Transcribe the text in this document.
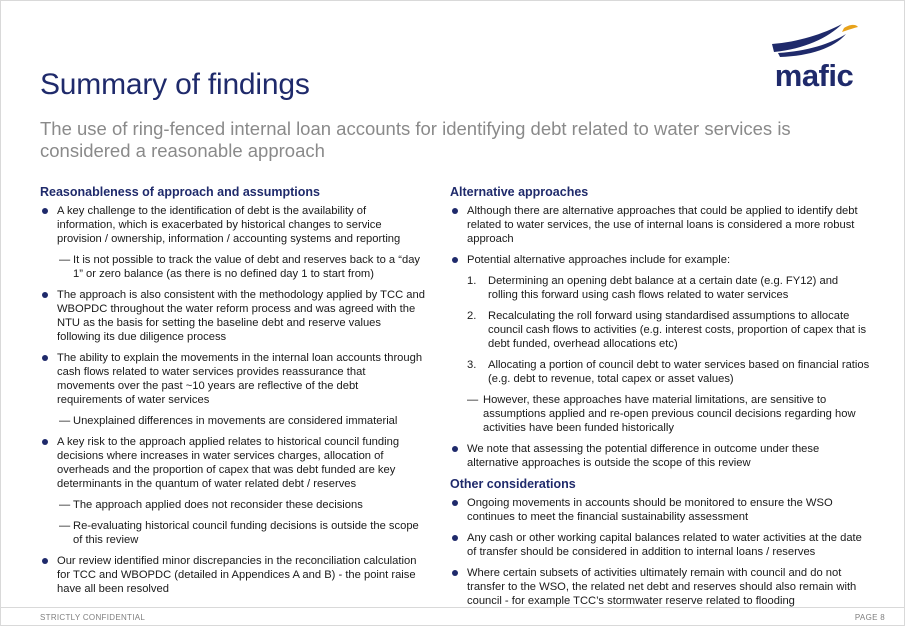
Summary of findings
The use of ring-fenced internal loan accounts for identifying debt related to water services is considered a reasonable approach
mafic
Reasonableness of approach and assumptions
A key challenge to the identification of debt is the availability of information, which is exacerbated by historical changes to service provision / ownership, information / accounting systems and reporting
— It is not possible to track the value of debt and reserves back to a “day 1” or zero balance (as there is no defined day 1 to start from)
The approach is also consistent with the methodology applied by TCC and WBOPDC throughout the water reform process and was agreed with the NTU as the basis for setting the baseline debt and reserve values following its due diligence process
The ability to explain the movements in the internal loan accounts through cash flows related to water services provides reassurance that movements over the past ~10 years are reflective of the debt requirements of water services
— Unexplained differences in movements are considered immaterial
A key risk to the approach applied relates to historical council funding decisions where increases in water services charges, allocation of overheads and the proportion of capex that was debt funded are key determinants in the quantum of water related debt / reserves
— The approach applied does not reconsider these decisions
— Re-evaluating historical council funding decisions is outside the scope of this review
Our review identified minor discrepancies in the reconciliation calculation for TCC and WBOPDC (detailed in Appendices A and B) - the point raise have all been resolved
Alternative approaches
Although there are alternative approaches that could be applied to identify debt related to water services, the use of internal loans is considered a more robust approach
Potential alternative approaches include for example:
1. Determining an opening debt balance at a certain date (e.g. FY12) and rolling this forward using cash flows related to water services
2. Recalculating the roll forward using standardised assumptions to allocate council cash flows to activities (e.g. interest costs, proportion of capex that is debt funded, overhead allocations etc)
3. Allocating a portion of council debt to water services based on financial ratios (e.g. debt to revenue, total capex or asset values)
— However, these approaches have material limitations, are sensitive to assumptions applied and re-open previous council decisions regarding how activities have been funded historically
We note that assessing the potential difference in outcome under these alternative approaches is outside the scope of this review
Other considerations
Ongoing movements in accounts should be monitored to ensure the WSO continues to meet the financial sustainability assessment
Any cash or other working capital balances related to water activities at the date of transfer should be considered in addition to internal loans / reserves
Where certain subsets of activities ultimately remain with council and do not transfer to the WSO, the related net debt and reserves should also remain with council - for example TCC’s stormwater reserve related to flooding
STRICTLY CONFIDENTIAL	PAGE 8
